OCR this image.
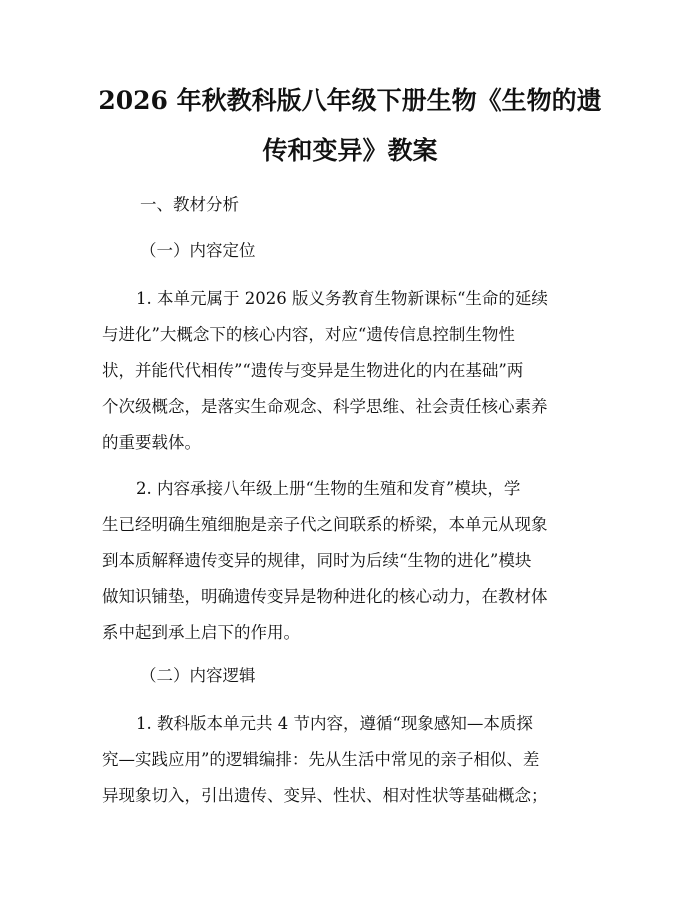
2026 年秋教科版八年级下册生物《生物的遗
传和变异》教案
一、教材分析
（一）内容定位
1. 本单元属于 2026 版义务教育生物新课标“生命的延续
与进化”大概念下的核心内容，对应“遗传信息控制生物性
状，并能代代相传”“遗传与变异是生物进化的内在基础”两
个次级概念，是落实生命观念、科学思维、社会责任核心素养
的重要载体。
2. 内容承接八年级上册“生物的生殖和发育”模块，学
生已经明确生殖细胞是亲子代之间联系的桥梁，本单元从现象
到本质解释遗传变异的规律，同时为后续“生物的进化”模块
做知识铺垫，明确遗传变异是物种进化的核心动力，在教材体
系中起到承上启下的作用。
（二）内容逻辑
1. 教科版本单元共 4 节内容，遵循“现象感知—本质探
究—实践应用”的逻辑编排：先从生活中常见的亲子相似、差
异现象切入，引出遗传、变异、性状、相对性状等基础概念；
